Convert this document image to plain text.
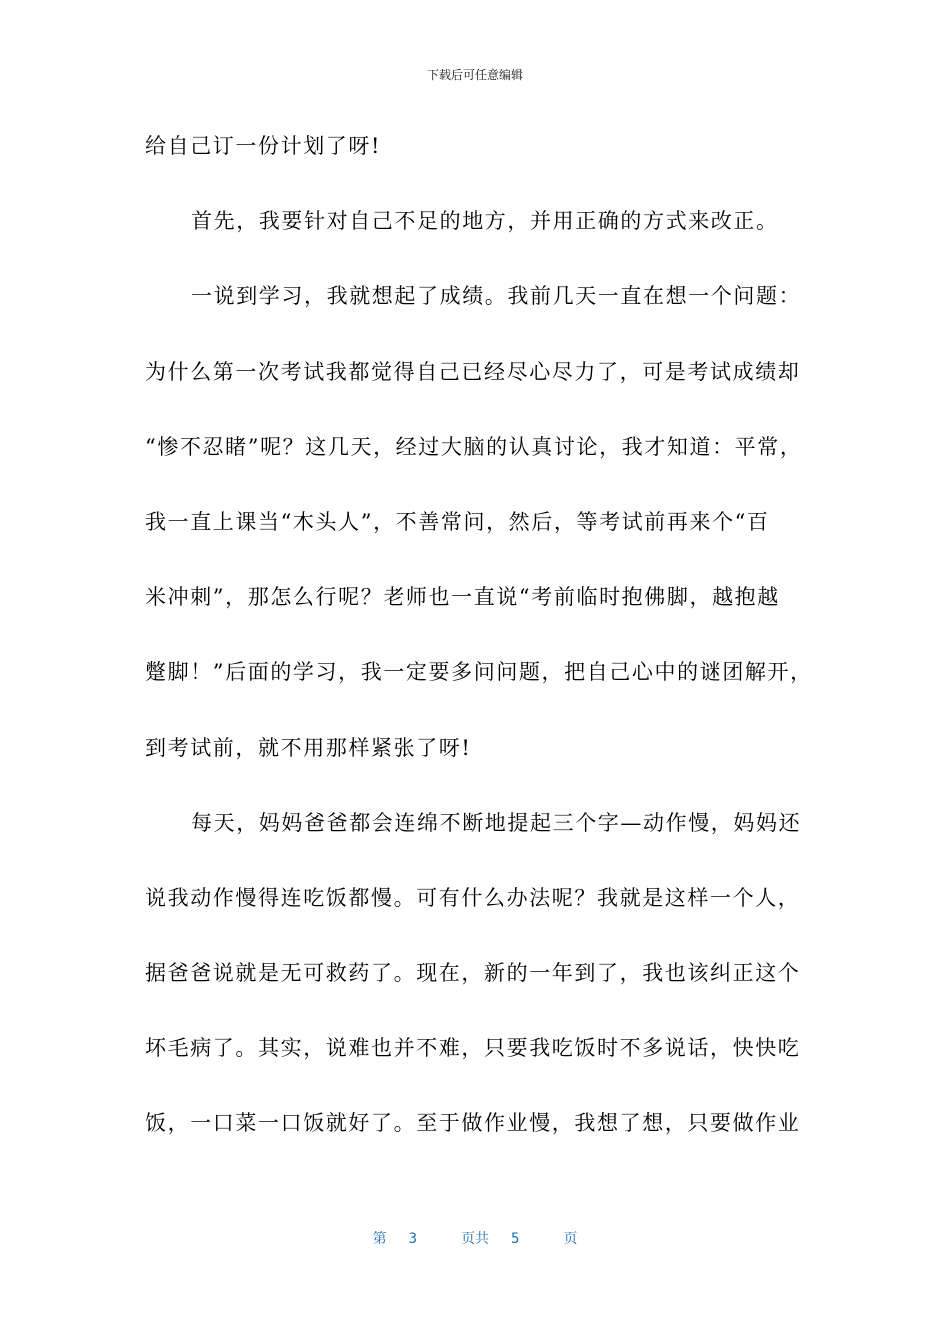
下载后可任意编辑
给自己订一份计划了呀!
首先，我要针对自己不足的地方，并用正确的方式来改正。
一说到学习，我就想起了成绩。我前几天一直在想一个问题：
为什么第一次考试我都觉得自己已经尽心尽力了，可是考试成绩却
“惨不忍睹”呢？这几天，经过大脑的认真讨论，我才知道：平常，
我一直上课当“木头人”，不善常问，然后，等考试前再来个“百
米冲刺”，那怎么行呢？老师也一直说“考前临时抱佛脚，越抱越
蹩脚！”后面的学习，我一定要多问问题，把自己心中的谜团解开，
到考试前，就不用那样紧张了呀!
每天，妈妈爸爸都会连绵不断地提起三个字—动作慢，妈妈还
说我动作慢得连吃饭都慢。可有什么办法呢？我就是这样一个人，
据爸爸说就是无可救药了。现在，新的一年到了，我也该纠正这个
坏毛病了。其实，说难也并不难，只要我吃饭时不多说话，快快吃
饭，一口菜一口饭就好了。至于做作业慢，我想了想，只要做作业
第 3	页共 5	页
